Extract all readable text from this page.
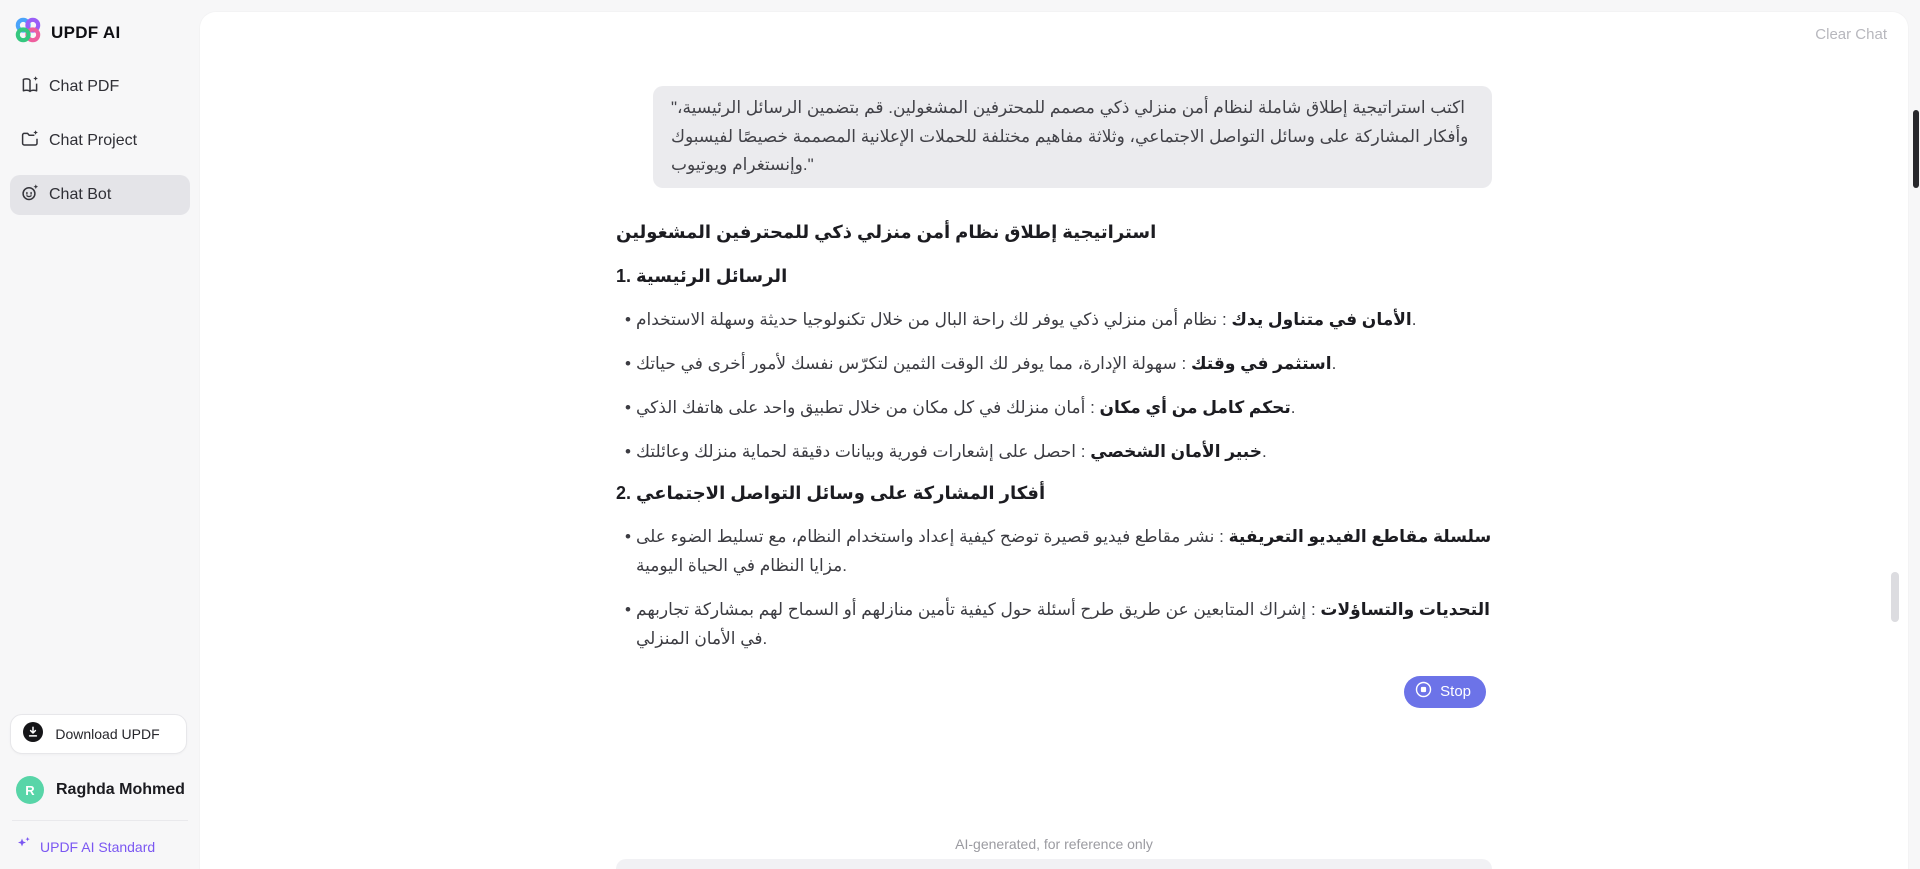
UPDF AI
Chat PDF
Chat Project
Chat Bot
Download UPDF
R	Raghda Mohmed
UPDF AI Standard
Clear Chat
"اكتب استراتيجية إطلاق شاملة لنظام أمن منزلي ذكي مصمم للمحترفين المشغولين. قم بتضمين الرسائل الرئيسية، وأفكار المشاركة على وسائل التواصل الاجتماعي، وثلاثة مفاهيم مختلفة للحملات الإعلانية المصممة خصيصًا لفيسبوك وإنستغرام ويوتيوب."
استراتيجية إطلاق نظام أمن منزلي ذكي للمحترفين المشغولين
1. الرسائل الرئيسية
• الأمان في متناول يدك : نظام أمن منزلي ذكي يوفر لك راحة البال من خلال تكنولوجيا حديثة وسهلة الاستخدام.
• استثمر في وقتك : سهولة الإدارة، مما يوفر لك الوقت الثمين لتكرّس نفسك لأمور أخرى في حياتك.
• تحكم كامل من أي مكان : أمان منزلك في كل مكان من خلال تطبيق واحد على هاتفك الذكي.
• خبير الأمان الشخصي : احصل على إشعارات فورية وبيانات دقيقة لحماية منزلك وعائلتك.
2. أفكار المشاركة على وسائل التواصل الاجتماعي
• سلسلة مقاطع الفيديو التعريفية : نشر مقاطع فيديو قصيرة توضح كيفية إعداد واستخدام النظام، مع تسليط الضوء على مزايا النظام في الحياة اليومية.
• التحديات والتساؤلات : إشراك المتابعين عن طريق طرح أسئلة حول كيفية تأمين منازلهم أو السماح لهم بمشاركة تجاربهم في الأمان المنزلي.
Stop
AI-generated, for reference only
